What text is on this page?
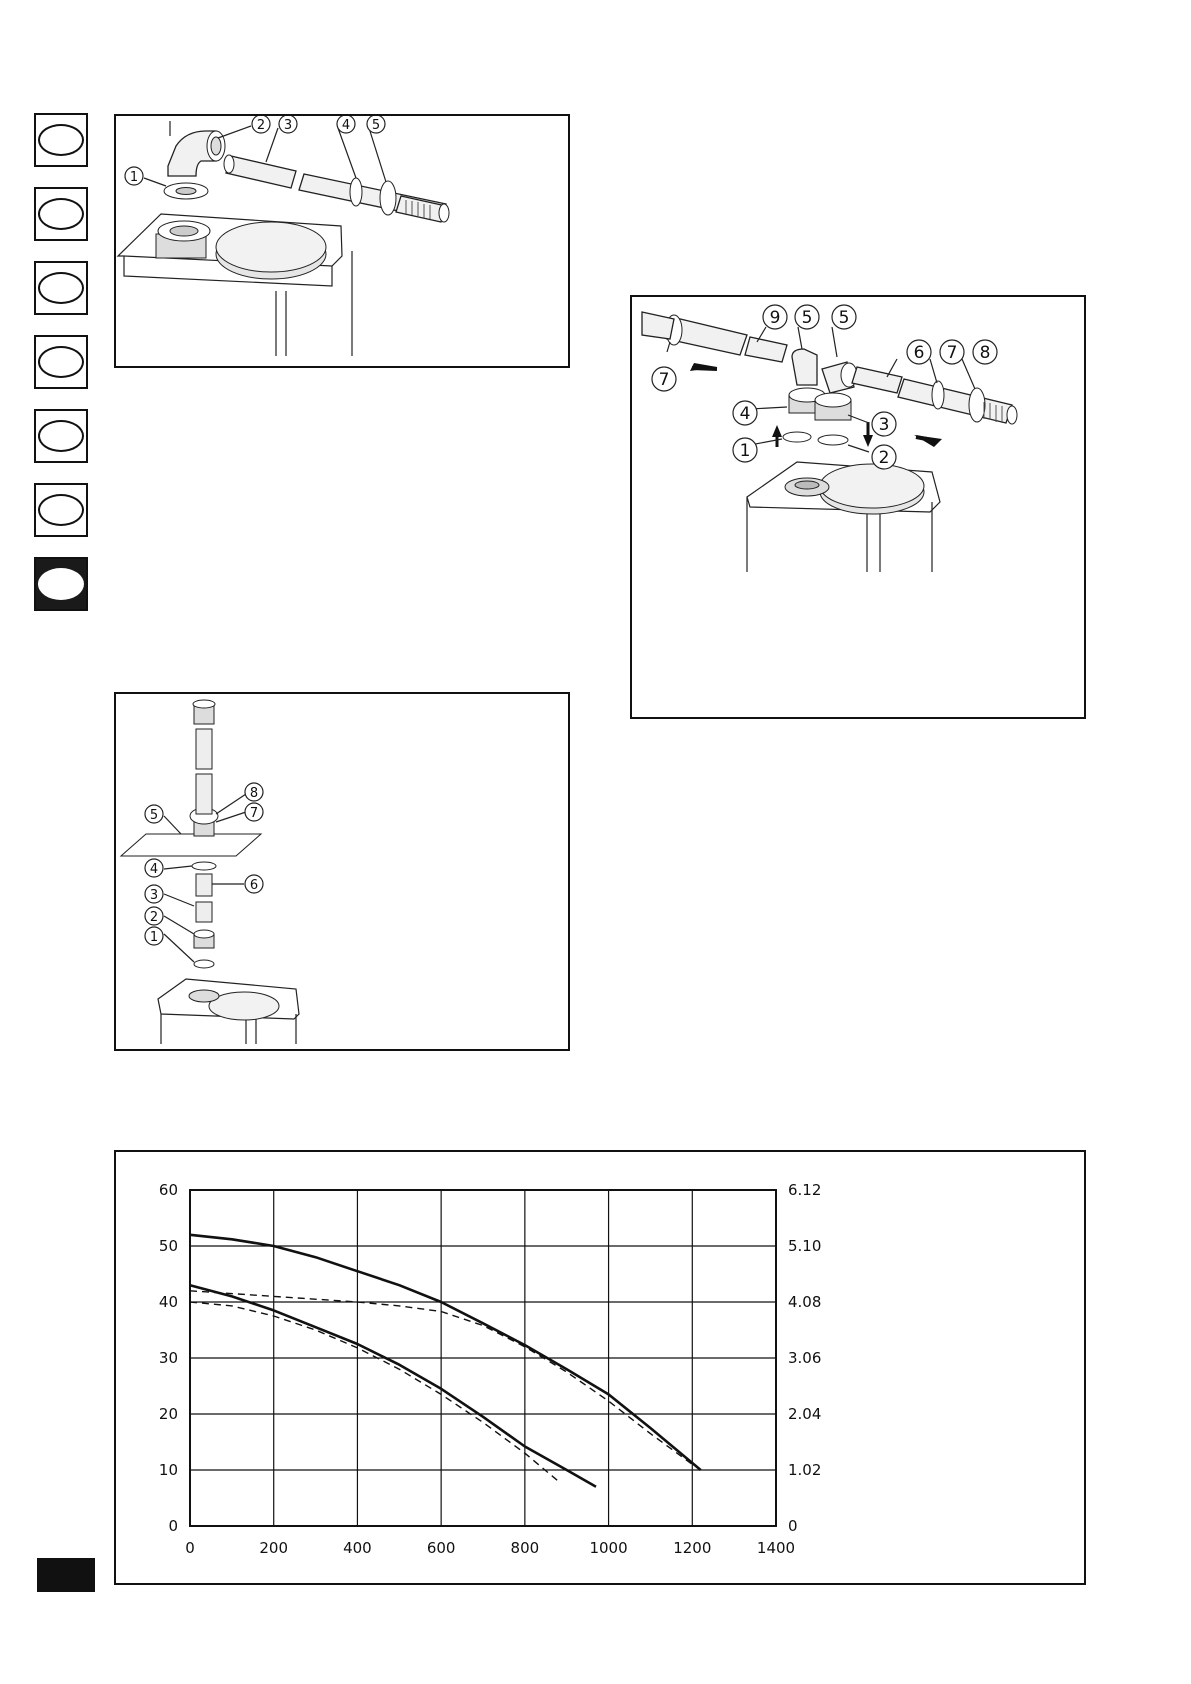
1
2 3	4 5
9 5 5
6 7 8
7
4
3
1	2
8
5	7
4
6
3
2
1
0	200	400	600	800	1000	1200	1400
0
10
20
30
40
50
60
0
1.02
2.04
3.06
4.08
5.10
6.12
